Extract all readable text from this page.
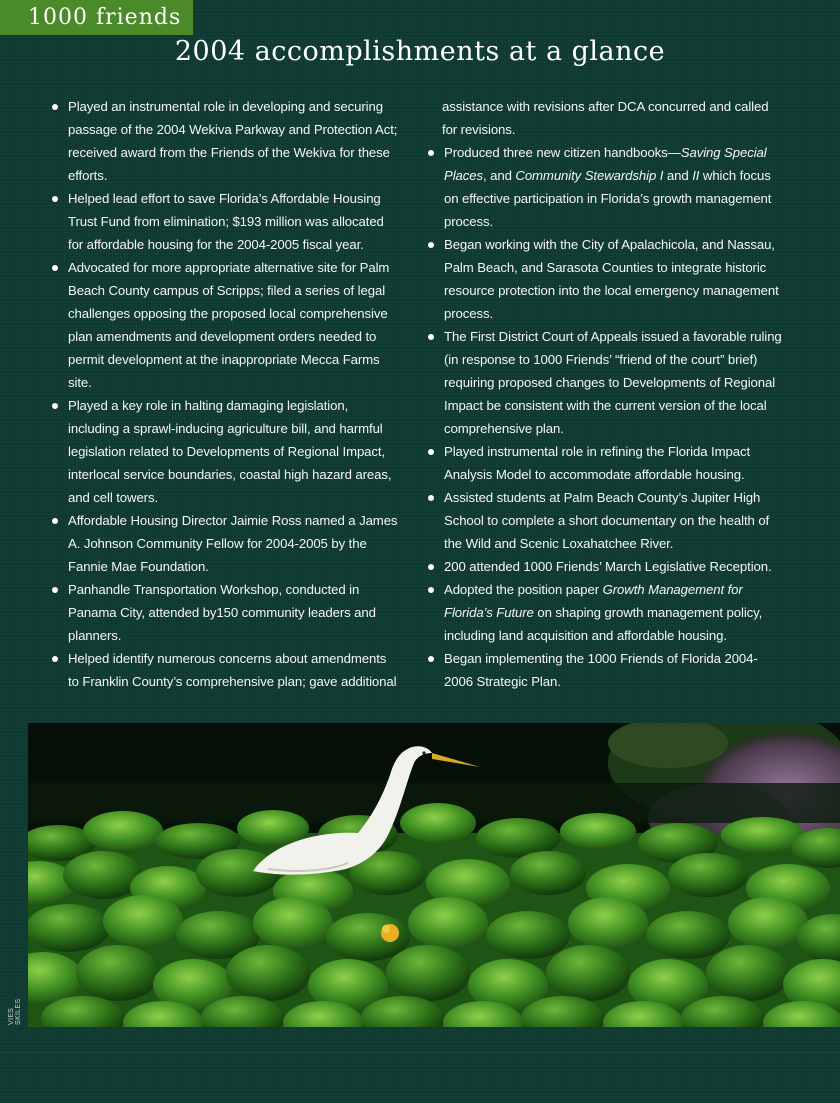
1000 friends
2004 accomplishments at a glance
Played an instrumental role in developing and securing passage of the 2004 Wekiva Parkway and Protection Act; received award from the Friends of the Wekiva for these efforts.
Helped lead effort to save Florida’s Affordable Housing Trust Fund from elimination; $193 million was allocated for affordable housing for the 2004-2005 fiscal year.
Advocated for more appropriate alternative site for Palm Beach County campus of Scripps; filed a series of legal challenges opposing the proposed local comprehensive plan amendments and development orders needed to permit development at the inappropriate Mecca Farms site.
Played a key role in halting damaging legislation, including a sprawl-inducing agriculture bill, and harmful legislation related to Developments of Regional Impact, interlocal service boundaries, coastal high hazard areas, and cell towers.
Affordable Housing Director Jaimie Ross named a James A. Johnson Community Fellow for 2004-2005 by the Fannie Mae Foundation.
Panhandle Transportation Workshop, conducted in Panama City, attended by150 community leaders and planners.
Helped identify numerous concerns about amendments to Franklin County’s comprehensive plan; gave additional
assistance with revisions after DCA concurred and called for revisions.
Produced three new citizen handbooks—Saving Special Places, and Community Stewardship I and II which focus on effective participation in Florida’s growth management process.
Began working with the City of Apalachicola, and Nassau, Palm Beach, and Sarasota Counties to integrate historic resource protection into the local emergency management process.
The First District Court of Appeals issued a favorable ruling (in response to 1000 Friends’ “friend of the court” brief) requiring proposed changes to Developments of Regional Impact be consistent with the current version of the local comprehensive plan.
Played instrumental role in refining the Florida Impact Analysis Model to accommodate affordable housing.
Assisted students at Palm Beach County’s Jupiter High School to complete a short documentary on the health of the Wild and Scenic Loxahatchee River.
200 attended 1000 Friends’ March Legislative Reception.
Adopted the position paper Growth Management for Florida’s Future on shaping growth management policy, including land acquisition and affordable housing.
Began implementing the 1000 Friends of Florida 2004-2006 Strategic Plan.
VIES SKILES
